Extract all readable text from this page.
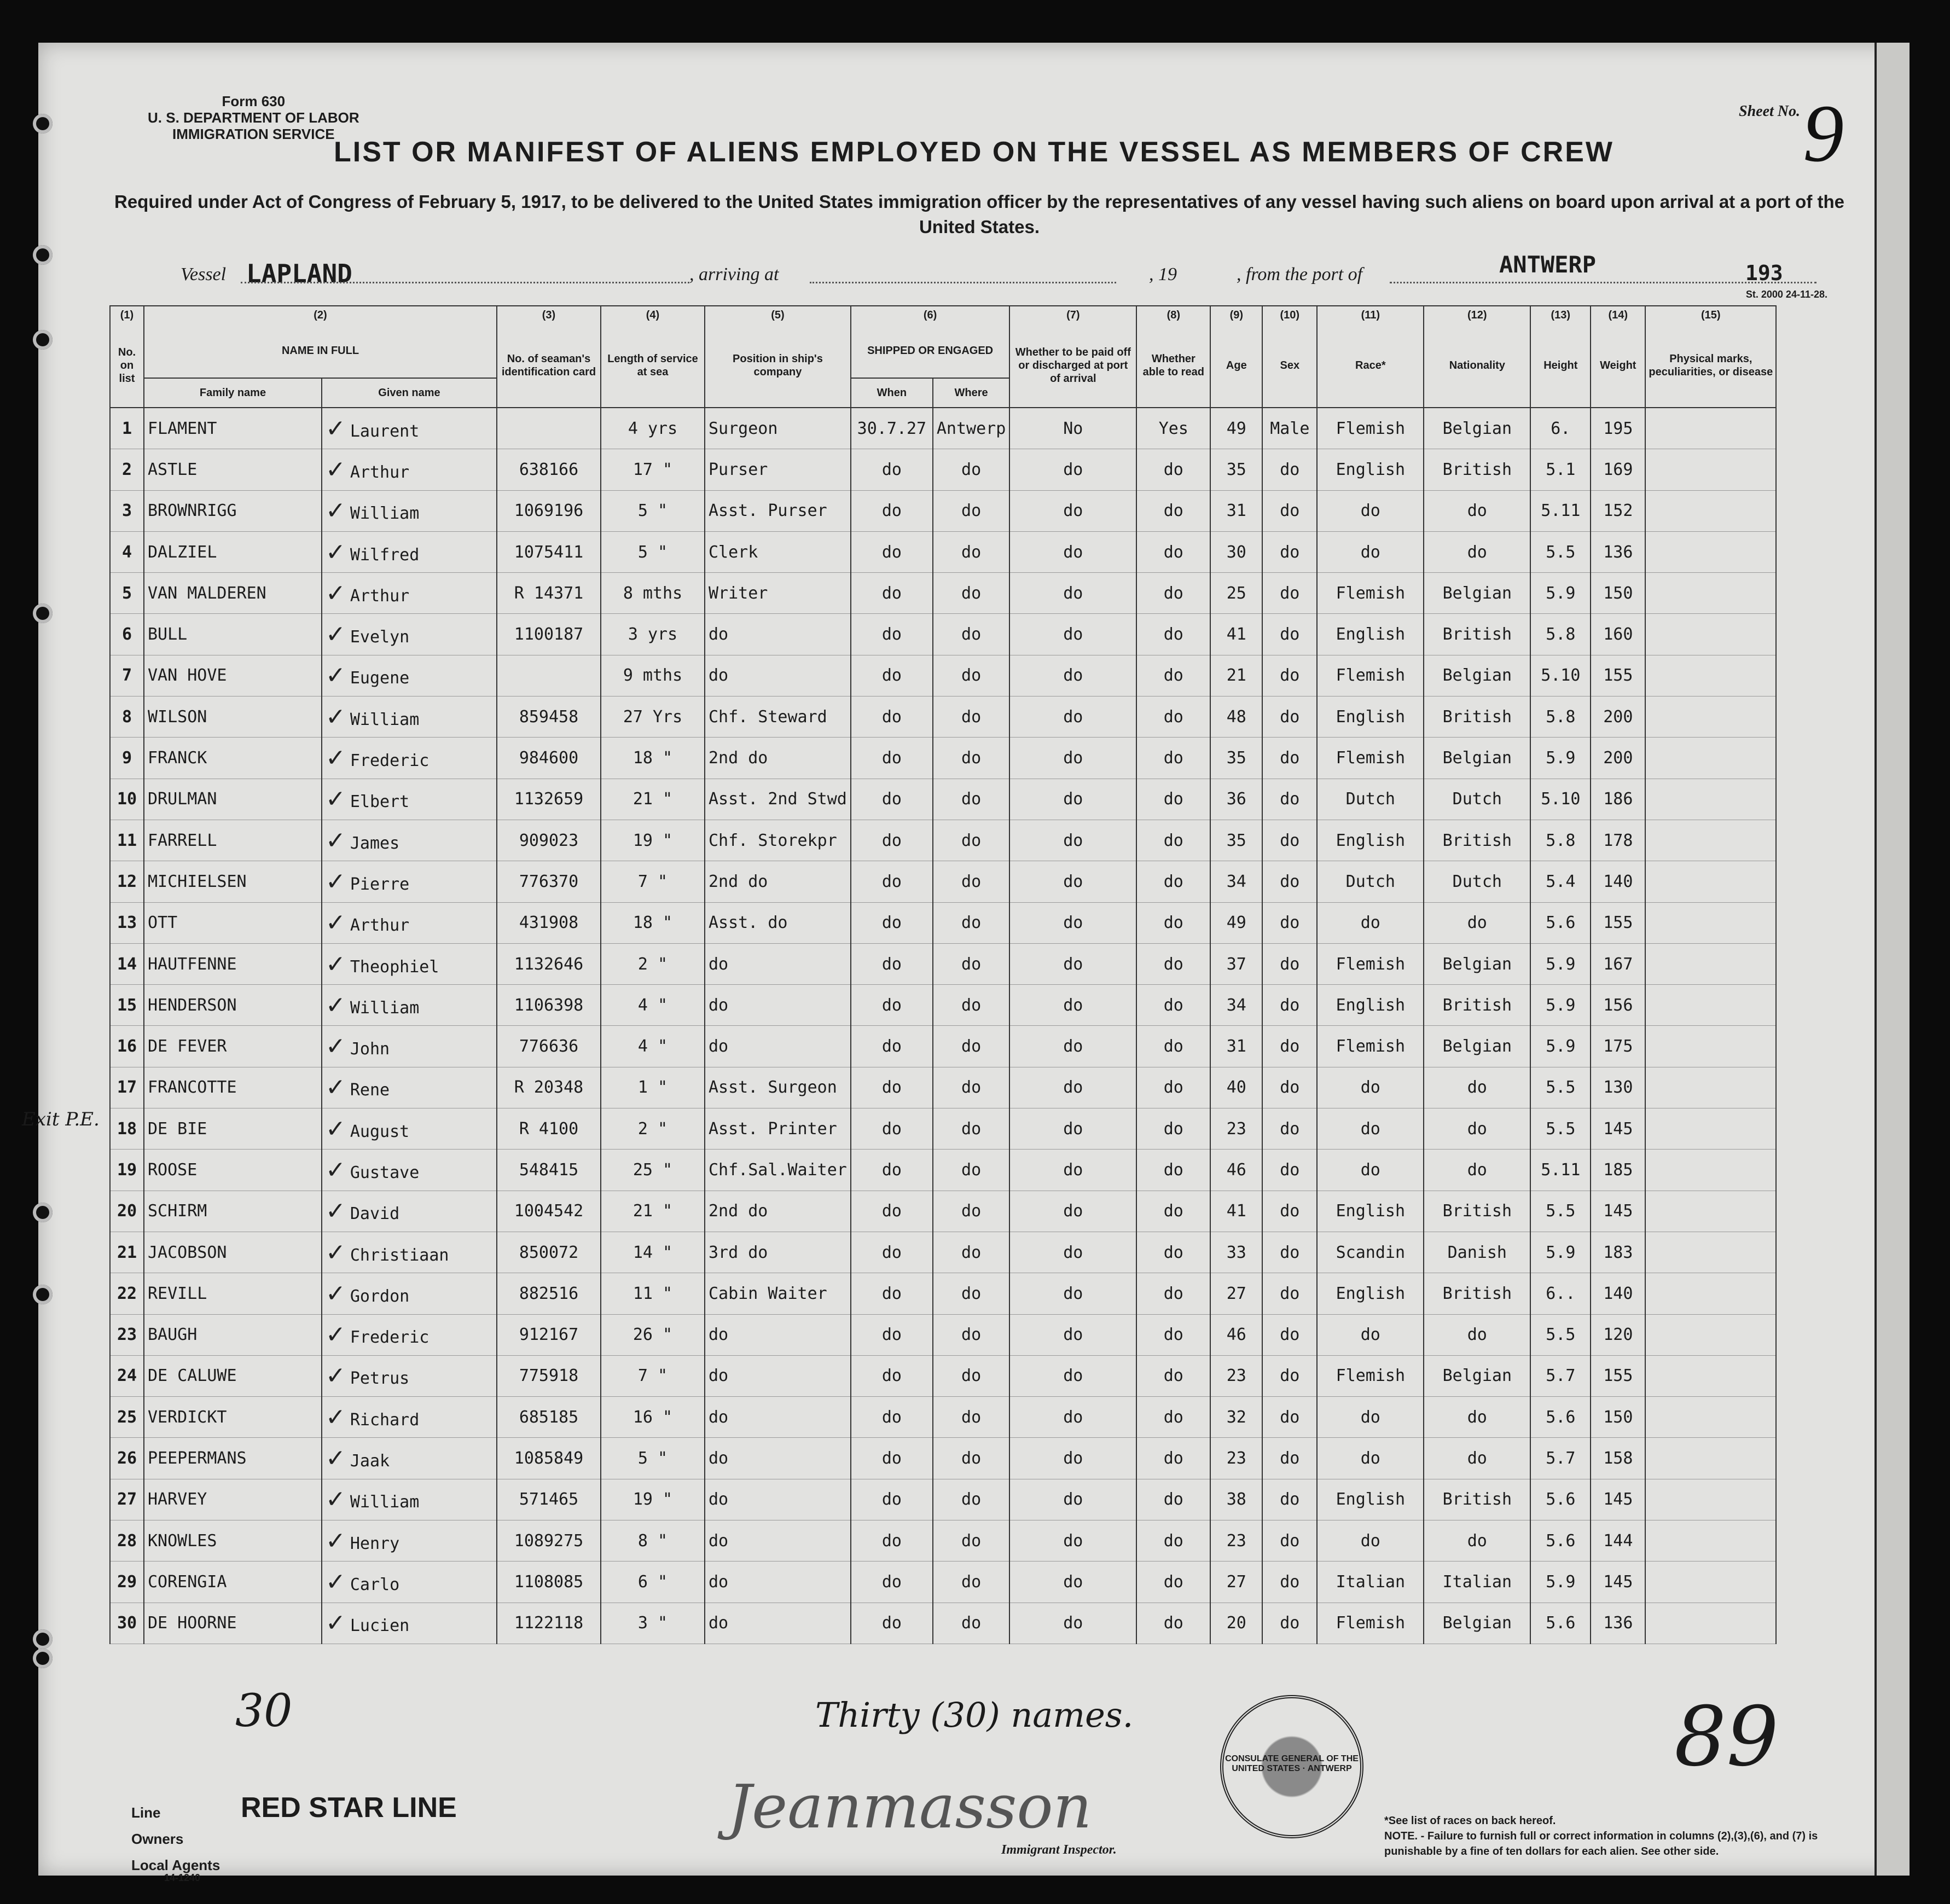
Form 630
U. S. DEPARTMENT OF LABOR
IMMIGRATION SERVICE
Sheet No. 9
LIST OR MANIFEST OF ALIENS EMPLOYED ON THE VESSEL AS MEMBERS OF CREW
Required under Act of Congress of February 5, 1917, to be delivered to the United States immigration officer by the representatives of any vessel having such aliens on board upon arrival at a port of the United States.
Vessel LAPLAND	, arriving at	, 19	, from the port of	ANTWERP	193
St. 2000 24-11-28.
(1)	(2)		(3)	(4)	(5)	(6)		(7)	(8)	(9)	(10)	(11)	(12)	(13)	(14)	(15)
No. on list	NAME IN FULL		No. of seaman's identification card	Length of service at sea	Position in ship's company	SHIPPED OR ENGAGED		Whether to be paid off or discharged at port of arrival	Whether able to read	Age	Sex	Race*	Nationality	Height	Weight	Physical marks, peculiarities, or disease
	Family name	Given name				When	Where									
1	FLAMENT	✓ Laurent		4 yrs	Surgeon	30.7.27	Antwerp	No	Yes	49	Male	Flemish	Belgian	6.	195	
2	ASTLE	✓ Arthur	638166	17 "	Purser	do	do	do	do	35	do	English	British	5.1	169	
3	BROWNRIGG	✓ William	1069196	5 "	Asst. Purser	do	do	do	do	31	do	do	do	5.11	152	
4	DALZIEL	✓ Wilfred	1075411	5 "	Clerk	do	do	do	do	30	do	do	do	5.5	136	
5	VAN MALDEREN	✓ Arthur	R 14371	8 mths	Writer	do	do	do	do	25	do	Flemish	Belgian	5.9	150	
6	BULL	✓ Evelyn	1100187	3 yrs	do	do	do	do	do	41	do	English	British	5.8	160	
7	VAN HOVE	✓ Eugene		9 mths	do	do	do	do	do	21	do	Flemish	Belgian	5.10	155	
8	WILSON	✓ William	859458	27 Yrs	Chf. Steward	do	do	do	do	48	do	English	British	5.8	200	
9	FRANCK	✓ Frederic	984600	18 "	2nd do	do	do	do	do	35	do	Flemish	Belgian	5.9	200	
10	DRULMAN	✓ Elbert	1132659	21 "	Asst. 2nd Stwd	do	do	do	do	36	do	Dutch	Dutch	5.10	186	
11	FARRELL	✓ James	909023	19 "	Chf. Storekpr	do	do	do	do	35	do	English	British	5.8	178	
12	MICHIELSEN	✓ Pierre	776370	7 "	2nd do	do	do	do	do	34	do	Dutch	Dutch	5.4	140	
13	OTT	✓ Arthur	431908	18 "	Asst. do	do	do	do	do	49	do	do	do	5.6	155	
14	HAUTFENNE	✓ Theophiel	1132646	2 "	do	do	do	do	do	37	do	Flemish	Belgian	5.9	167	
15	HENDERSON	✓ William	1106398	4 "	do	do	do	do	do	34	do	English	British	5.9	156	
16	DE FEVER	✓ John	776636	4 "	do	do	do	do	do	31	do	Flemish	Belgian	5.9	175	
17	FRANCOTTE	✓ Rene	R 20348	1 "	Asst. Surgeon	do	do	do	do	40	do	do	do	5.5	130	
18	DE BIE	✓ August	R 4100	2 "	Asst. Printer	do	do	do	do	23	do	do	do	5.5	145	
19	ROOSE	✓ Gustave	548415	25 "	Chf.Sal.Waiter	do	do	do	do	46	do	do	do	5.11	185	
20	SCHIRM	✓ David	1004542	21 "	2nd do	do	do	do	do	41	do	English	British	5.5	145	
21	JACOBSON	✓ Christiaan	850072	14 "	3rd do	do	do	do	do	33	do	Scandin	Danish	5.9	183	
22	REVILL	✓ Gordon	882516	11 "	Cabin Waiter	do	do	do	do	27	do	English	British	6..	140	
23	BAUGH	✓ Frederic	912167	26 "	do	do	do	do	do	46	do	do	do	5.5	120	
24	DE CALUWE	✓ Petrus	775918	7 "	do	do	do	do	do	23	do	Flemish	Belgian	5.7	155	
25	VERDICKT	✓ Richard	685185	16 "	do	do	do	do	do	32	do	do	do	5.6	150	
26	PEEPERMANS	✓ Jaak	1085849	5 "	do	do	do	do	do	23	do	do	do	5.7	158	
27	HARVEY	✓ William	571465	19 "	do	do	do	do	do	38	do	English	British	5.6	145	
28	KNOWLES	✓ Henry	1089275	8 "	do	do	do	do	do	23	do	do	do	5.6	144	
29	CORENGIA	✓ Carlo	1108085	6 "	do	do	do	do	do	27	do	Italian	Italian	5.9	145	
30	DE HOORNE	✓ Lucien	1122118	3 "	do	do	do	do	do	20	do	Flemish	Belgian	5.6	136	
Exit P.E.
30	Thirty (30) names.
Jeanmasson
89
Line
Owners
Local Agents
14-1240
RED STAR LINE
Immigrant Inspector.
CONSULATE GENERAL OF THE UNITED STATES · ANTWERP
*See list of races on back hereof.
NOTE. - Failure to furnish full or correct information in columns (2),(3),(6), and (7) is punishable by a fine of ten dollars for each alien. See other side.
